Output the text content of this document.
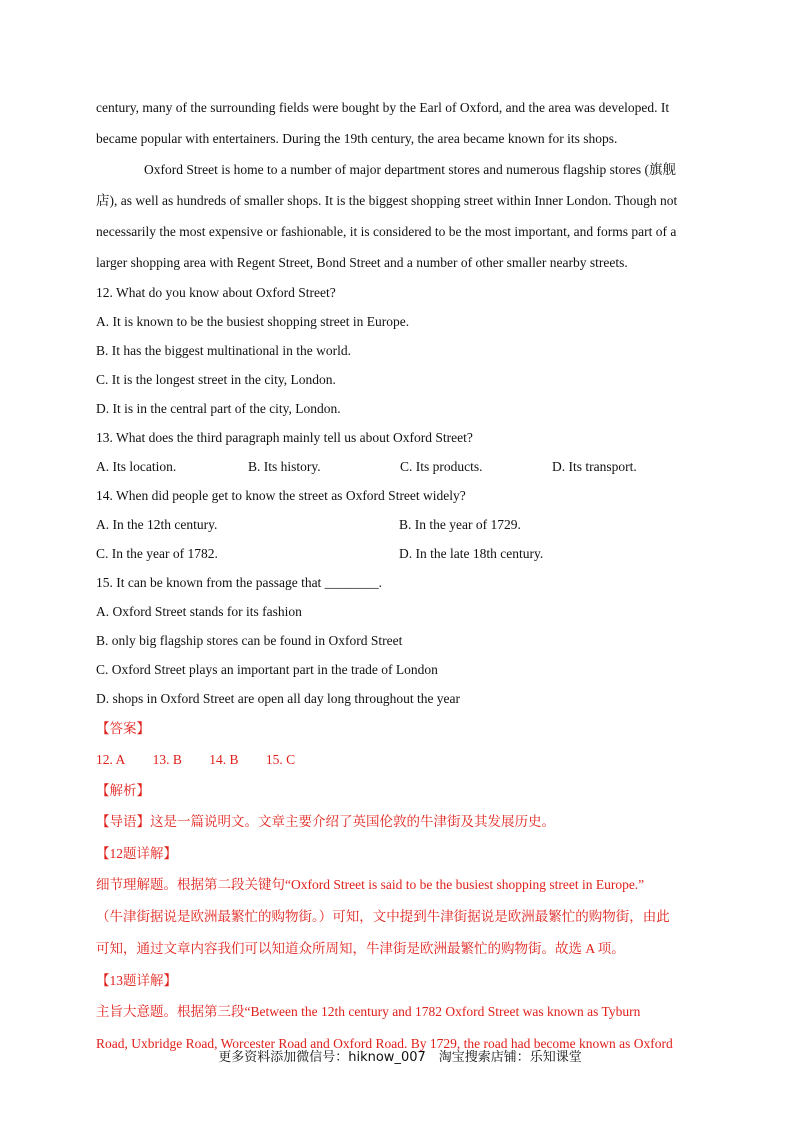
century, many of the surrounding fields were bought by the Earl of Oxford, and the area was developed. It
became popular with entertainers. During the 19th century, the area became known for its shops.
Oxford Street is home to a number of major department stores and numerous flagship stores (旗舰
店), as well as hundreds of smaller shops. It is the biggest shopping street within Inner London. Though not
necessarily the most expensive or fashionable, it is considered to be the most important, and forms part of a
larger shopping area with Regent Street, Bond Street and a number of other smaller nearby streets.
12. What do you know about Oxford Street?
A. It is known to be the busiest shopping street in Europe.
B. It has the biggest multinational in the world.
C. It is the longest street in the city, London.
D. It is in the central part of the city, London.
13. What does the third paragraph mainly tell us about Oxford Street?
A. Its location.	B. Its history.	C. Its products.	D. Its transport.
14. When did people get to know the street as Oxford Street widely?
A. In the 12th century.	B. In the year of 1729.
C. In the year of 1782.	D. In the late 18th century.
15. It can be known from the passage that ________.
A. Oxford Street stands for its fashion
B. only big flagship stores can be found in Oxford Street
C. Oxford Street plays an important part in the trade of London
D. shops in Oxford Street are open all day long throughout the year
【答案】
12. A 13. B 14. B 15. C
【解析】
【导语】这是一篇说明文。文章主要介绍了英国伦敦的牛津街及其发展历史。
【12题详解】
细节理解题。根据第二段关键句“Oxford Street is said to be the busiest shopping street in Europe.”
（牛津街据说是欧洲最繁忙的购物街。）可知，文中提到牛津街据说是欧洲最繁忙的购物街，由此
可知，通过文章内容我们可以知道众所周知，牛津街是欧洲最繁忙的购物街。故选 A 项。
【13题详解】
主旨大意题。根据第三段“Between the 12th century and 1782 Oxford Street was known as Tyburn
Road, Uxbridge Road, Worcester Road and Oxford Road. By 1729, the road had become known as Oxford
更多资料添加微信号：hiknow_007　淘宝搜索店铺：乐知课堂
